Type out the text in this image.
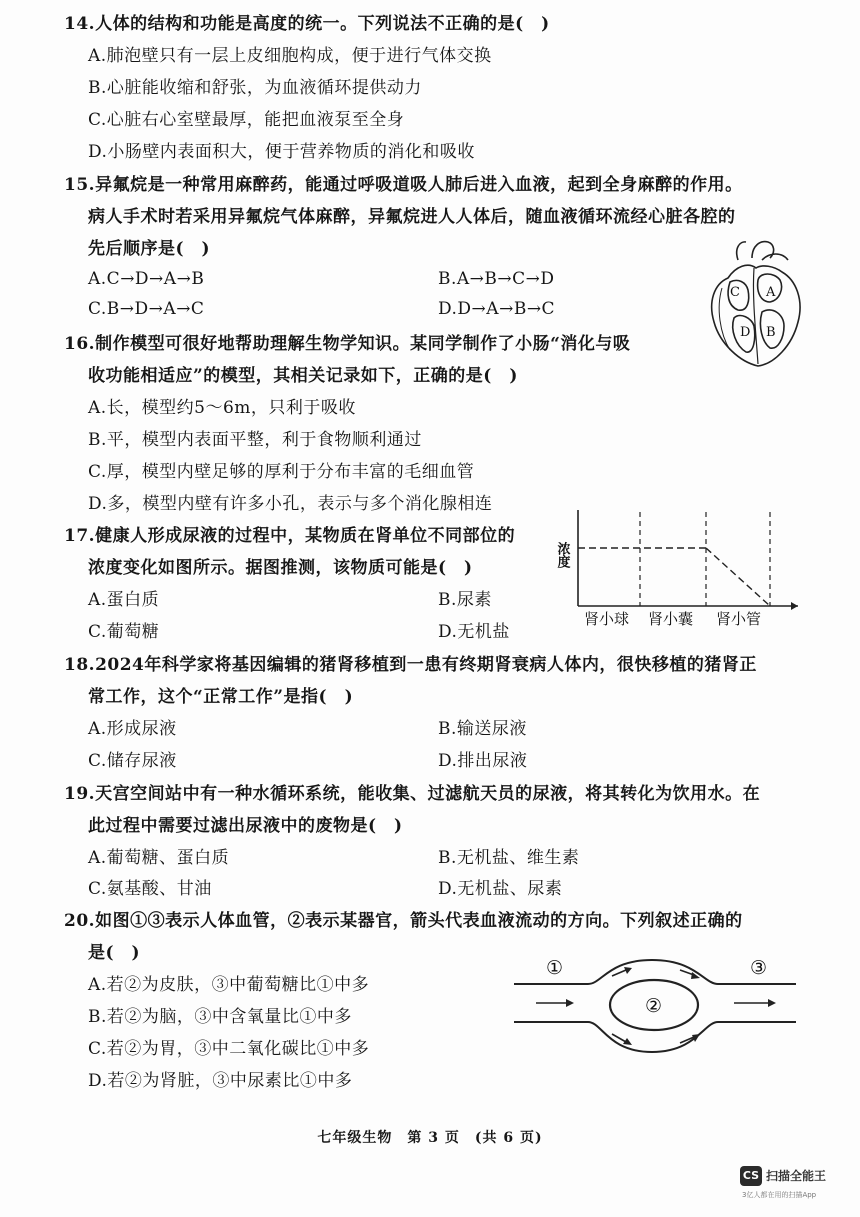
14.人体的结构和功能是高度的统一。下列说法不正确的是(　)
A.肺泡壁只有一层上皮细胞构成，便于进行气体交换
B.心脏能收缩和舒张，为血液循环提供动力
C.心脏右心室壁最厚，能把血液泵至全身
D.小肠壁内表面积大，便于营养物质的消化和吸收
15.异氟烷是一种常用麻醉药，能通过呼吸道吸人肺后进入血液，起到全身麻醉的作用。
病人手术时若采用异氟烷气体麻醉，异氟烷进人人体后，随血液循环流经心脏各腔的
先后顺序是(　)
A.C→D→A→B	B.A→B→C→D
C.B→D→A→C	D.D→A→B→C
C A
D B
16.制作模型可很好地帮助理解生物学知识。某同学制作了小肠“消化与吸
收功能相适应”的模型，其相关记录如下，正确的是(　)
A.长，模型约5～6m，只利于吸收
B.平，模型内表面平整，利于食物顺利通过
C.厚，模型内壁足够的厚利于分布丰富的毛细血管
D.多，模型内壁有许多小孔，表示与多个消化腺相连
17.健康人形成尿液的过程中，某物质在肾单位不同部位的
浓度变化如图所示。据图推测，该物质可能是(　)
A.蛋白质	B.尿素
C.葡萄糖	D.无机盐
浓度
肾小球 肾小囊 肾小管
18.2024年科学家将基因编辑的猪肾移植到一患有终期肾衰病人体内，很快移植的猪肾正
常工作，这个“正常工作”是指(　)
A.形成尿液	B.输送尿液
C.储存尿液	D.排出尿液
19.天宫空间站中有一种水循环系统，能收集、过滤航天员的尿液，将其转化为饮用水。在
此过程中需要过滤出尿液中的废物是(　)
A.葡萄糖、蛋白质	B.无机盐、维生素
C.氨基酸、甘油	D.无机盐、尿素
20.如图①③表示人体血管，②表示某器官，箭头代表血液流动的方向。下列叙述正确的
是(　)
A.若②为皮肤，③中葡萄糖比①中多
B.若②为脑，③中含氧量比①中多
C.若②为胃，③中二氧化碳比①中多
D.若②为肾脏，③中尿素比①中多
①
②
③
七年级生物　第 3 页　(共 6 页)
CS 扫描全能王
3亿人都在用的扫描App
